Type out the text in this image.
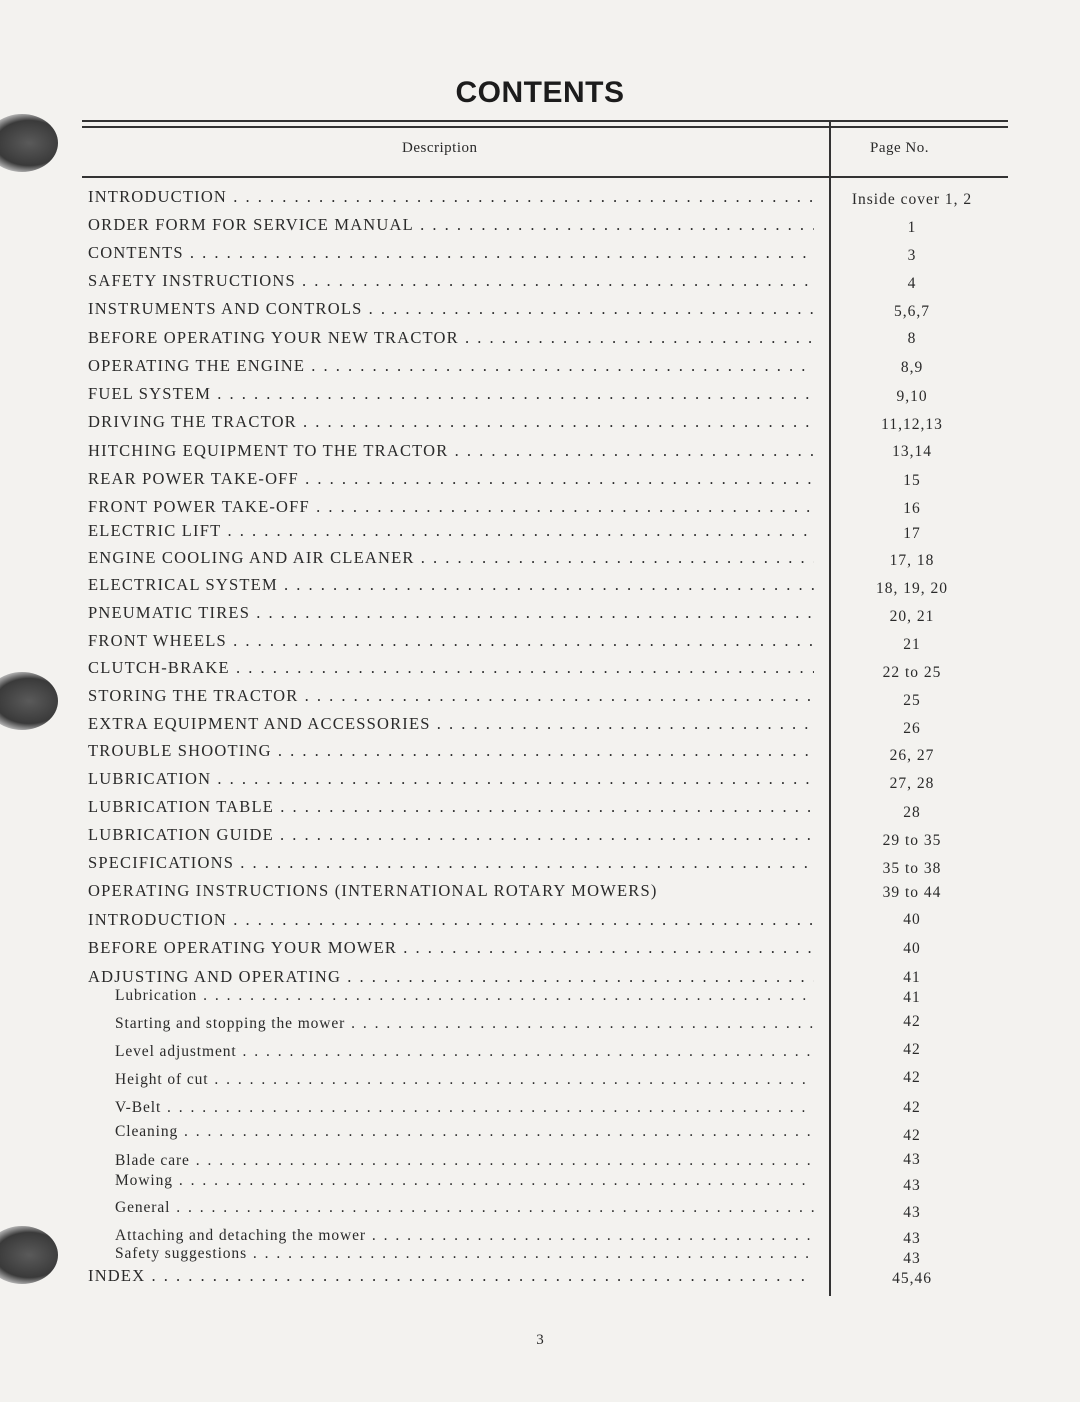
CONTENTS
Description	Page No.
INTRODUCTION . . .	Inside cover 1, 2
ORDER FORM FOR SERVICE MANUAL . . .	1
CONTENTS . . .	3
SAFETY INSTRUCTIONS . . .	4
INSTRUMENTS AND CONTROLS . . .	5,6,7
BEFORE OPERATING YOUR NEW TRACTOR . . .	8
OPERATING THE ENGINE . . .	8,9
FUEL SYSTEM . . .	9,10
DRIVING THE TRACTOR . . .	11,12,13
HITCHING EQUIPMENT TO THE TRACTOR . . .	13,14
REAR POWER TAKE-OFF . . .	15
FRONT POWER TAKE-OFF . . .	16
ELECTRIC LIFT . . .	17
ENGINE COOLING AND AIR CLEANER . . .	17, 18
ELECTRICAL SYSTEM . . .	18, 19, 20
PNEUMATIC TIRES . . .	20, 21
FRONT WHEELS . . .	21
CLUTCH-BRAKE . . .	22 to 25
STORING THE TRACTOR . . .	25
EXTRA EQUIPMENT AND ACCESSORIES . . .	26
TROUBLE SHOOTING . . .	26, 27
LUBRICATION . . .	27, 28
LUBRICATION TABLE . . .	28
LUBRICATION GUIDE . . .	29 to 35
SPECIFICATIONS . . .	35 to 38
OPERATING INSTRUCTIONS (INTERNATIONAL ROTARY MOWERS)	39 to 44
INTRODUCTION . . .	40
BEFORE OPERATING YOUR MOWER . . .	40
ADJUSTING AND OPERATING . . .	41
Lubrication . . .	41
Starting and stopping the mower . . .	42
Level adjustment . . .	42
Height of cut . . .	42
V-Belt . . .	42
Cleaning . . .	42
Blade care . . .	43
Mowing . . .	43
General . . .	43
Attaching and detaching the mower . . .	43
Safety suggestions . . .	43
INDEX . . .	45,46
3
